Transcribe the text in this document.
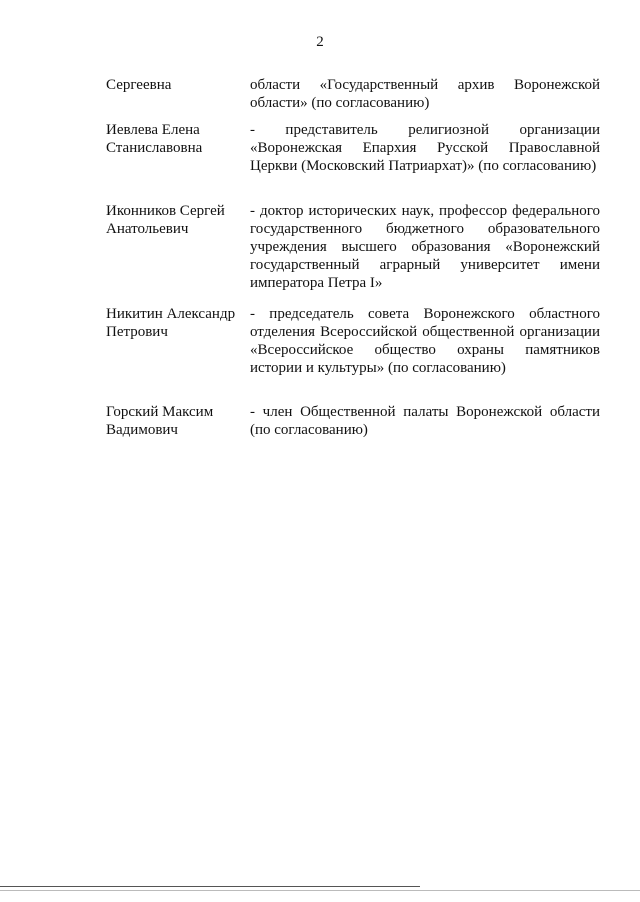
2
Сергеевна	области «Государственный архив Воронежской области» (по согласованию)
Иевлева Елена Станиславовна
- представитель религиозной организации «Воронежская Епархия Русской Православной Церкви (Московский Патриархат)» (по согласованию)
Иконников Сергей Анатольевич
- доктор исторических наук, профессор федерального государственного бюджетного образовательного учреждения высшего образования «Воронежский государственный аграрный университет имени императора Петра I»
Никитин Александр Петрович
- председатель совета Воронежского областного отделения Всероссийской общественной организации «Всероссийское общество охраны памятников истории и культуры» (по согласованию)
Горский Максим Вадимович
- член Общественной палаты Воронежской области (по согласованию)
